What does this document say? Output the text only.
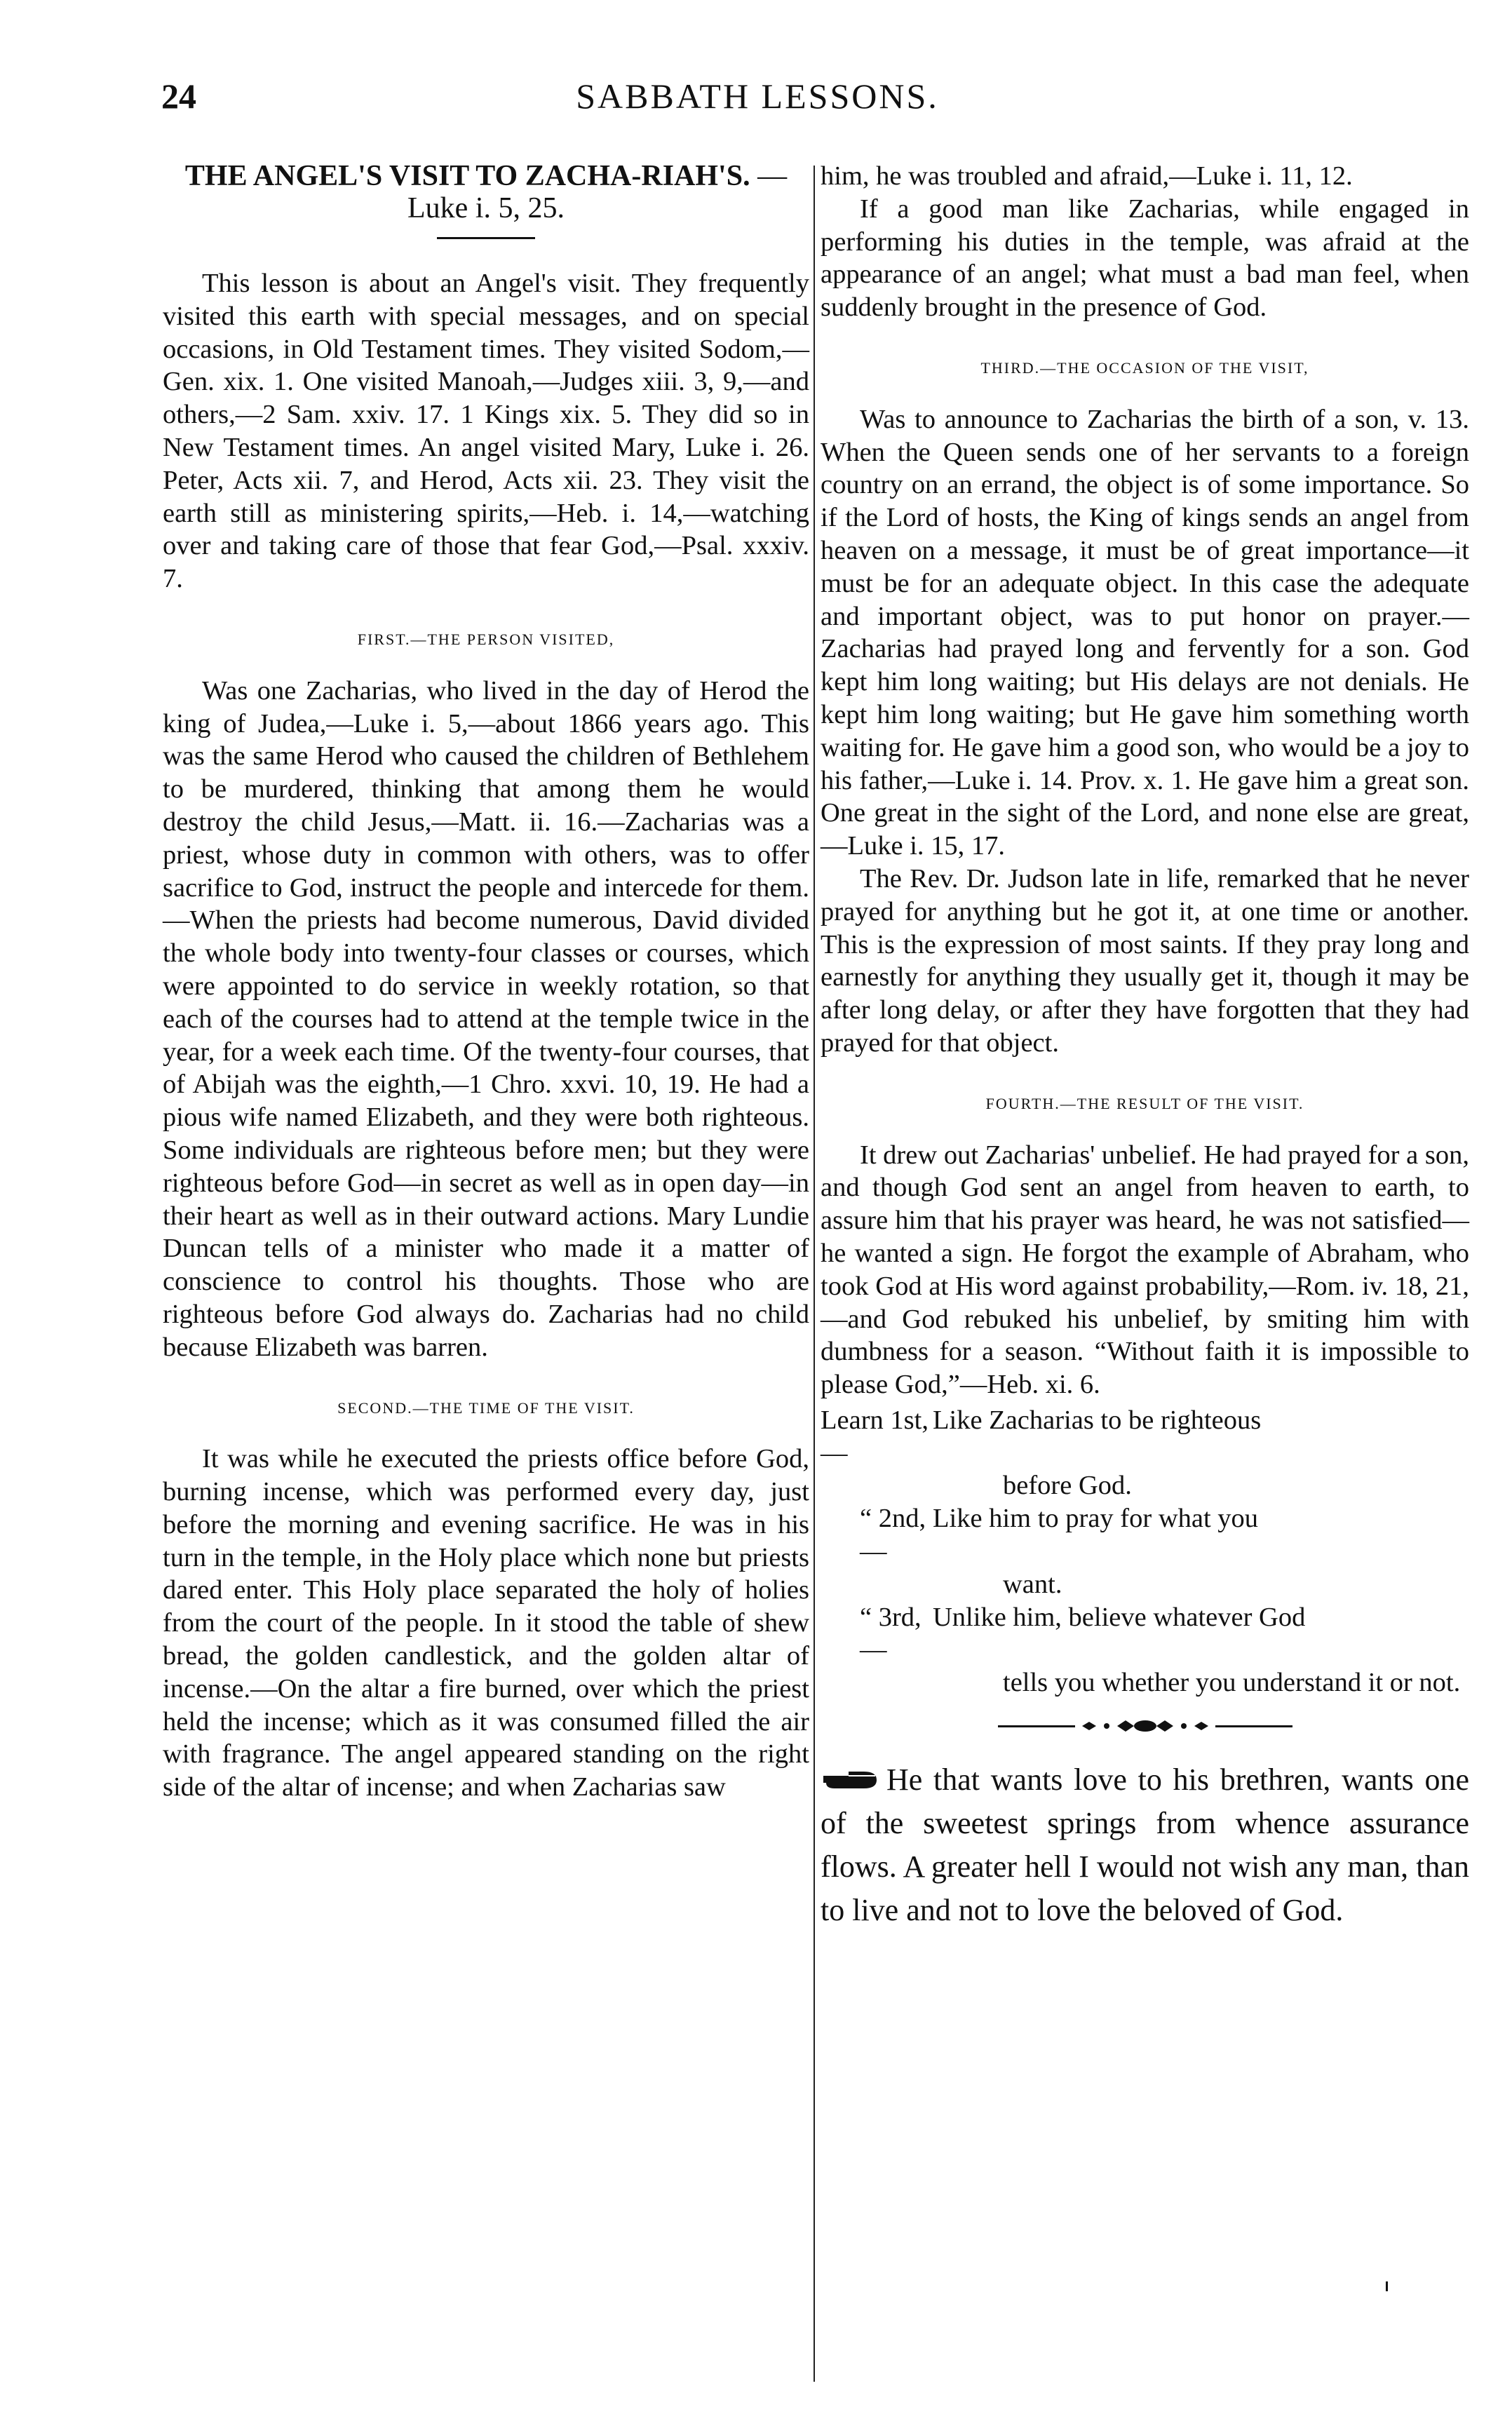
24	SABBATH LESSONS.
THE ANGEL'S VISIT TO ZACHA-RIAH'S. —Luke i. 5, 25.

This lesson is about an Angel's visit. They frequently visited this earth with special messages, and on special occasions, in Old Testament times. They visited Sodom,—Gen. xix. 1. One visited Manoah,—Judges xiii. 3, 9,—and others,—2 Sam. xxiv. 17. 1 Kings xix. 5. They did so in New Testament times. An angel visited Mary, Luke i. 26. Peter, Acts xii. 7, and Herod, Acts xii. 23. They visit the earth still as ministering spirits,—Heb. i. 14,—watching over and taking care of those that fear God,—Psal. xxxiv. 7.

FIRST.—THE PERSON VISITED,

Was one Zacharias, who lived in the day of Herod the king of Judea,—Luke i. 5,—about 1866 years ago. This was the same Herod who caused the children of Bethlehem to be murdered, thinking that among them he would destroy the child Jesus,—Matt. ii. 16.—Zacharias was a priest, whose duty in common with others, was to offer sacrifice to God, instruct the people and intercede for them.—When the priests had become numerous, David divided the whole body into twenty-four classes or courses, which were appointed to do service in weekly rotation, so that each of the courses had to attend at the temple twice in the year, for a week each time. Of the twenty-four courses, that of Abijah was the eighth,—1 Chro. xxvi. 10, 19. He had a pious wife named Elizabeth, and they were both righteous. Some individuals are righteous before men; but they were righteous before God—in secret as well as in open day—in their heart as well as in their outward actions. Mary Lundie Duncan tells of a minister who made it a matter of conscience to control his thoughts. Those who are righteous before God always do. Zacharias had no child because Elizabeth was barren.

SECOND.—THE TIME OF THE VISIT.

It was while he executed the priests office before God, burning incense, which was performed every day, just before the morning and evening sacrifice. He was in his turn in the temple, in the Holy place which none but priests dared enter. This Holy place separated the holy of holies from the court of the people. In it stood the table of shew bread, the golden candlestick, and the golden altar of incense.—On the altar a fire burned, over which the priest held the incense; which as it was consumed filled the air with fragrance. The angel appeared standing on the right side of the altar of incense; and when Zacharias saw

him, he was troubled and afraid,—Luke i. 11, 12.

If a good man like Zacharias, while engaged in performing his duties in the temple, was afraid at the appearance of an angel; what must a bad man feel, when suddenly brought in the presence of God.

THIRD.—THE OCCASION OF THE VISIT,

Was to announce to Zacharias the birth of a son, v. 13. When the Queen sends one of her servants to a foreign country on an errand, the object is of some importance. So if the Lord of hosts, the King of kings sends an angel from heaven on a message, it must be of great importance—it must be for an adequate object. In this case the adequate and important object, was to put honor on prayer.—Zacharias had prayed long and fervently for a son. God kept him long waiting; but His delays are not denials. He kept him long waiting; but He gave him something worth waiting for. He gave him a good son, who would be a joy to his father,—Luke i. 14. Prov. x. 1. He gave him a great son. One great in the sight of the Lord, and none else are great,—Luke i. 15, 17.

The Rev. Dr. Judson late in life, remarked that he never prayed for anything but he got it, at one time or another. This is the expression of most saints. If they pray long and earnestly for anything they usually get it, though it may be after long delay, or after they have forgotten that they had prayed for that object.

FOURTH.—THE RESULT OF THE VISIT.

It drew out Zacharias' unbelief. He had prayed for a son, and though God sent an angel from heaven to earth, to assure him that his prayer was heard, he was not satisfied—he wanted a sign. He forgot the example of Abraham, who took God at His word against probability,—Rom. iv. 18, 21,—and God rebuked his unbelief, by smiting him with dumbness for a season. “Without faith it is impossible to please God,”—Heb. xi. 6.

Learn 1st,—
Like Zacharias to be righteous
before God.
“ 2nd,—
Like him to pray for what you
want.
“ 3rd,—
Unlike him, believe whatever God
tells you whether you understand it or not.
He that wants love to his brethren, wants one of the sweetest springs from whence assurance flows. A greater hell I would not wish any man, than to live and not to love the beloved of God.
